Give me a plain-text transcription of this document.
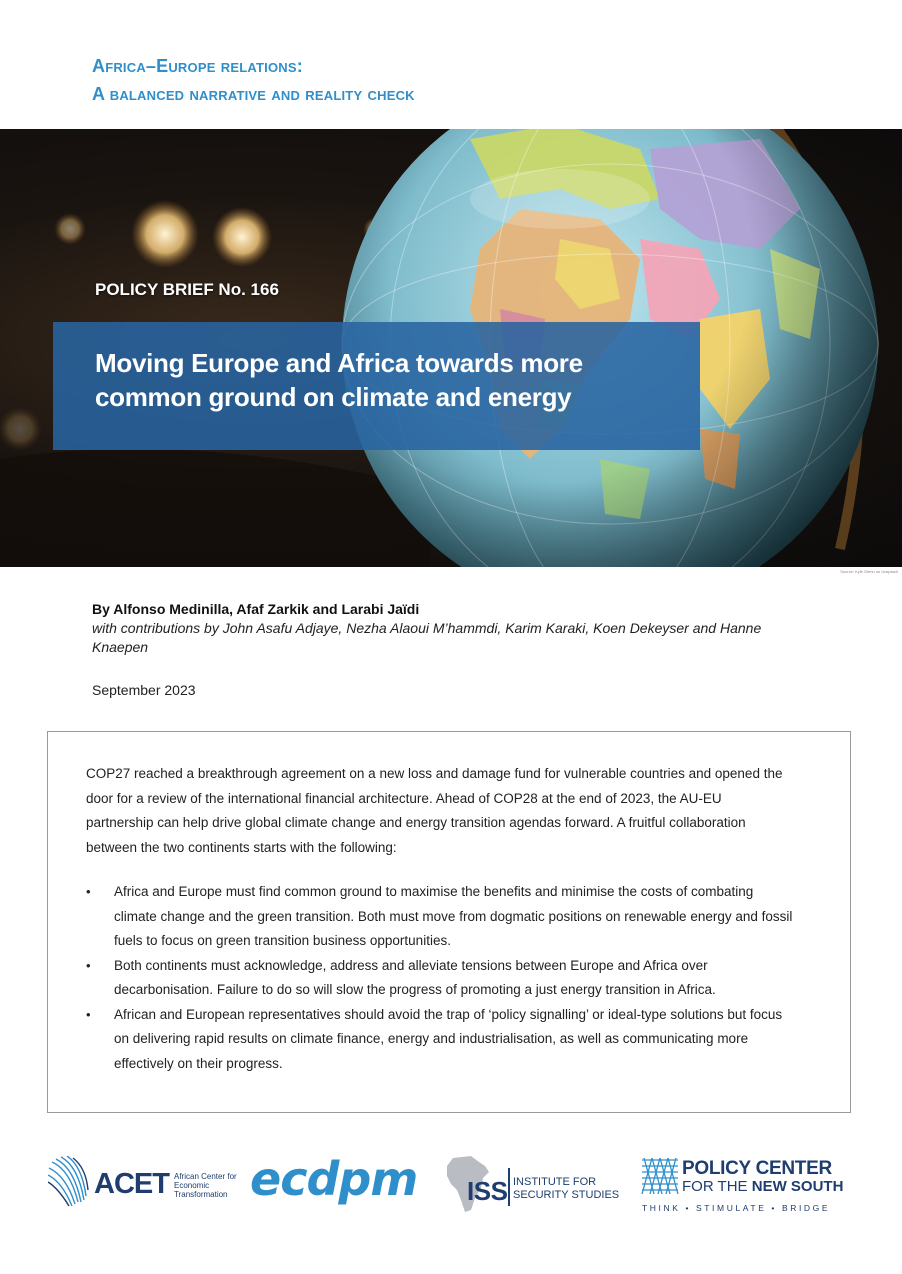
Africa–Europe relations:
A balanced narrative and reality check
POLICY BRIEF No. 166
Moving Europe and Africa towards more common ground on climate and energy
Source: Kyle Glenn on Unsplash
By Alfonso Medinilla, Afaf Zarkik and Larabi Jaïdi
with contributions by John Asafu Adjaye, Nezha Alaoui M’hammdi, Karim Karaki, Koen Dekeyser and Hanne Knaepen
September 2023

COP27 reached a breakthrough agreement on a new loss and damage fund for vulnerable countries and opened the door for a review of the international financial architecture. Ahead of COP28 at the end of 2023, the AU-EU partnership can help drive global climate change and energy transition agendas forward. A fruitful collaboration between the two continents starts with the following:

• Africa and Europe must find common ground to maximise the benefits and minimise the costs of combating climate change and the green transition. Both must move from dogmatic positions on renewable energy and fossil fuels to focus on green transition business opportunities.
• Both continents must acknowledge, address and alleviate tensions between Europe and Africa over decarbonisation. Failure to do so will slow the progress of promoting a just energy transition in Africa.
• African and European representatives should avoid the trap of ‘policy signalling’ or ideal-type solutions but focus on delivering rapid results on climate finance, energy and industrialisation, as well as communicating more effectively on their progress.
ACET African Center for Economic Transformation ecdpm ISS INSTITUTE FOR
SECURITY STUDIES
POLICY CENTER
FOR THE NEW SOUTH
THINK • STIMULATE • BRIDGE
